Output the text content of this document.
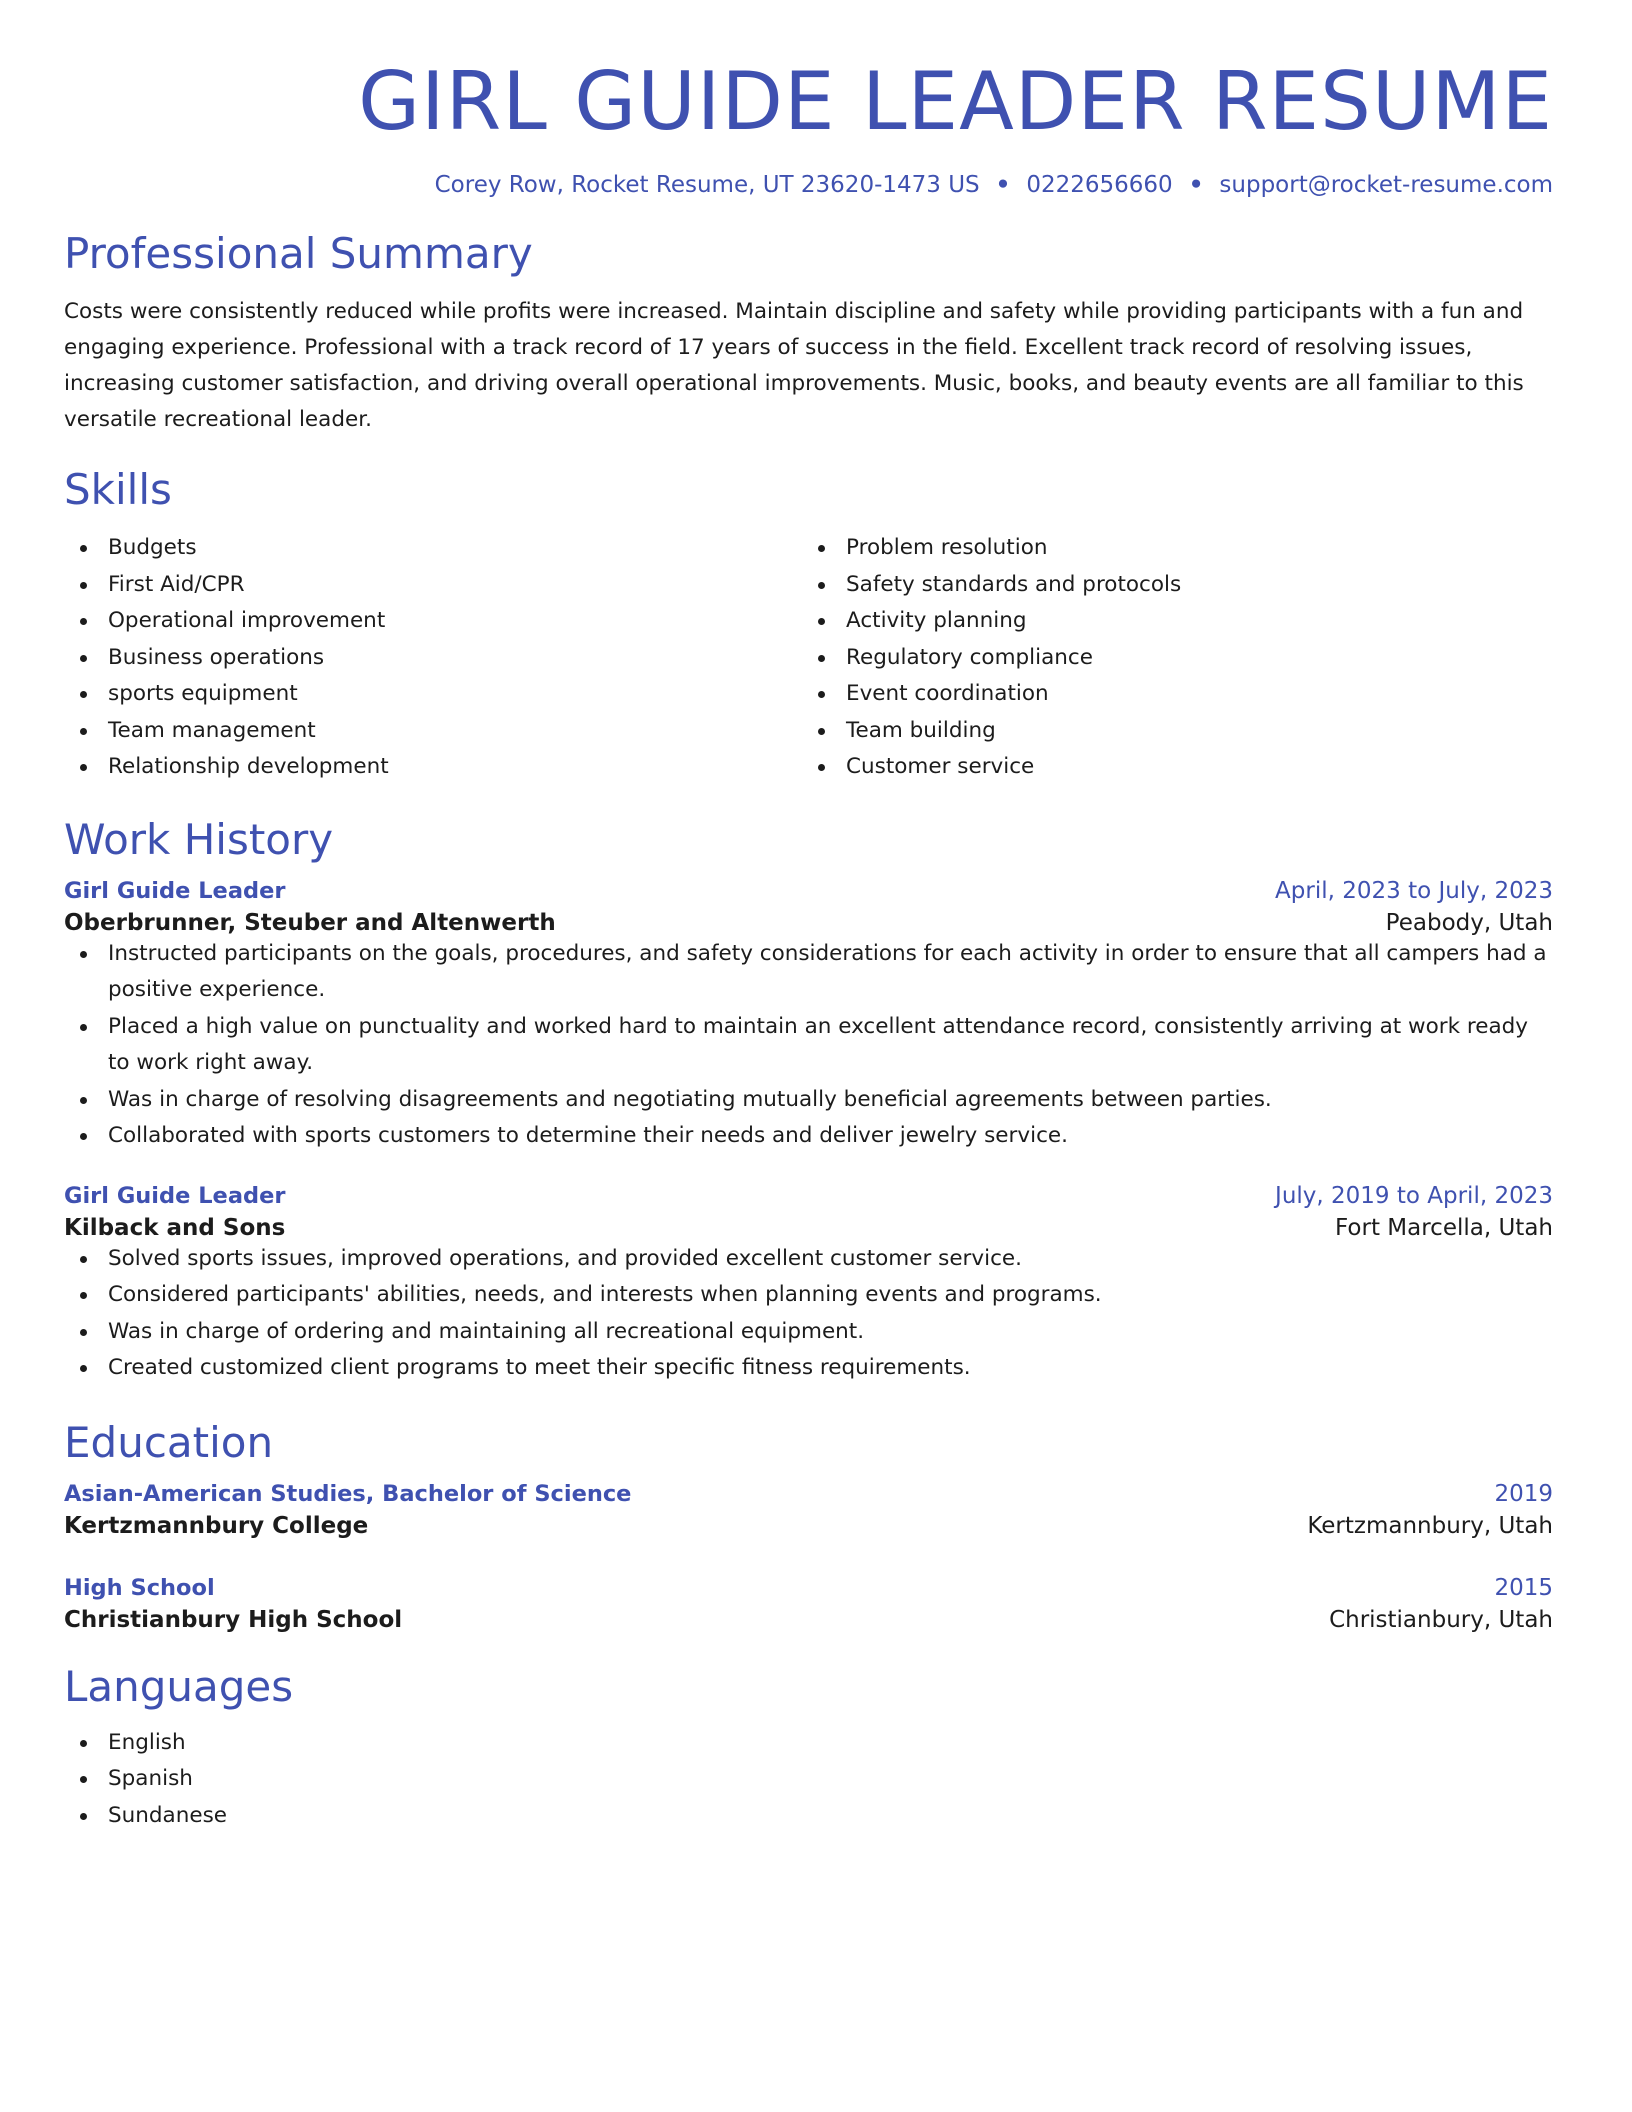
GIRL GUIDE LEADER RESUME
Corey Row, Rocket Resume, UT 23620-1473 US • 0222656660 • support@rocket-resume.com
Professional Summary
Costs were consistently reduced while profits were increased. Maintain discipline and safety while providing participants with a fun and engaging experience. Professional with a track record of 17 years of success in the field. Excellent track record of resolving issues, increasing customer satisfaction, and driving overall operational improvements. Music, books, and beauty events are all familiar to this versatile recreational leader.
Skills
Budgets
First Aid/CPR
Operational improvement
Business operations
sports equipment
Team management
Relationship development
Problem resolution
Safety standards and protocols
Activity planning
Regulatory compliance
Event coordination
Team building
Customer service
Work History
Girl Guide Leader	April, 2023 to July, 2023
Oberbrunner, Steuber and Altenwerth	Peabody, Utah
Instructed participants on the goals, procedures, and safety considerations for each activity in order to ensure that all campers had a positive experience.
Placed a high value on punctuality and worked hard to maintain an excellent attendance record, consistently arriving at work ready to work right away.
Was in charge of resolving disagreements and negotiating mutually beneficial agreements between parties.
Collaborated with sports customers to determine their needs and deliver jewelry service.
Girl Guide Leader	July, 2019 to April, 2023
Kilback and Sons	Fort Marcella, Utah
Solved sports issues, improved operations, and provided excellent customer service.
Considered participants' abilities, needs, and interests when planning events and programs.
Was in charge of ordering and maintaining all recreational equipment.
Created customized client programs to meet their specific fitness requirements.
Education
Asian-American Studies, Bachelor of Science	2019
Kertzmannbury College	Kertzmannbury, Utah
High School	2015
Christianbury High School	Christianbury, Utah
Languages
English
Spanish
Sundanese
